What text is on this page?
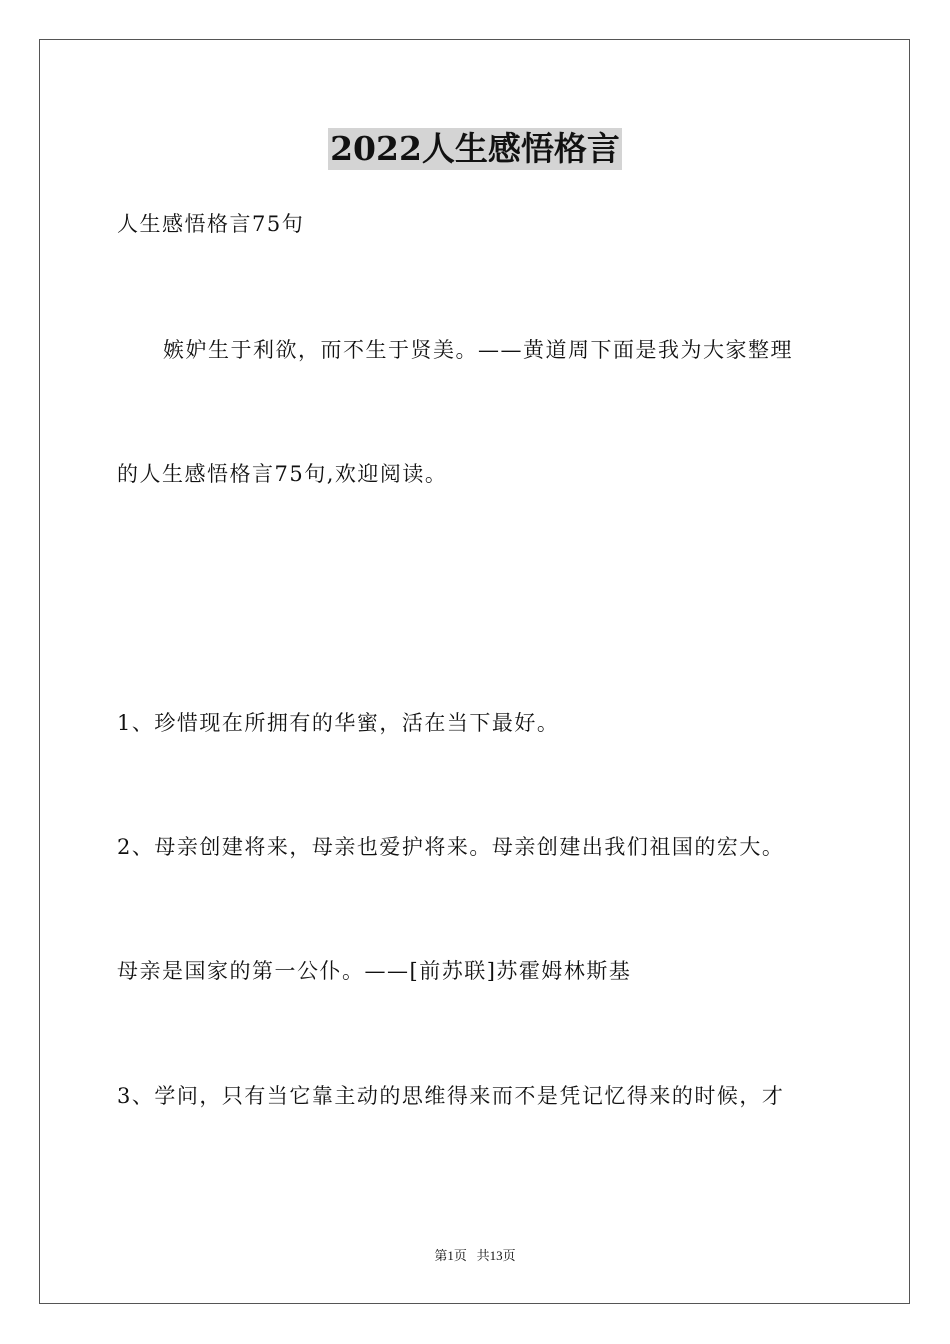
2022人生感悟格言
人生感悟格言75句
嫉妒生于利欲，而不生于贤美。——黄道周下面是我为大家整理
的人生感悟格言75句,欢迎阅读。
1、珍惜现在所拥有的华蜜，活在当下最好。
2、母亲创建将来，母亲也爱护将来。母亲创建出我们祖国的宏大。
母亲是国家的第一公仆。——[前苏联]苏霍姆林斯基
3、学问，只有当它靠主动的思维得来而不是凭记忆得来的时候，才
第1页   共13页
